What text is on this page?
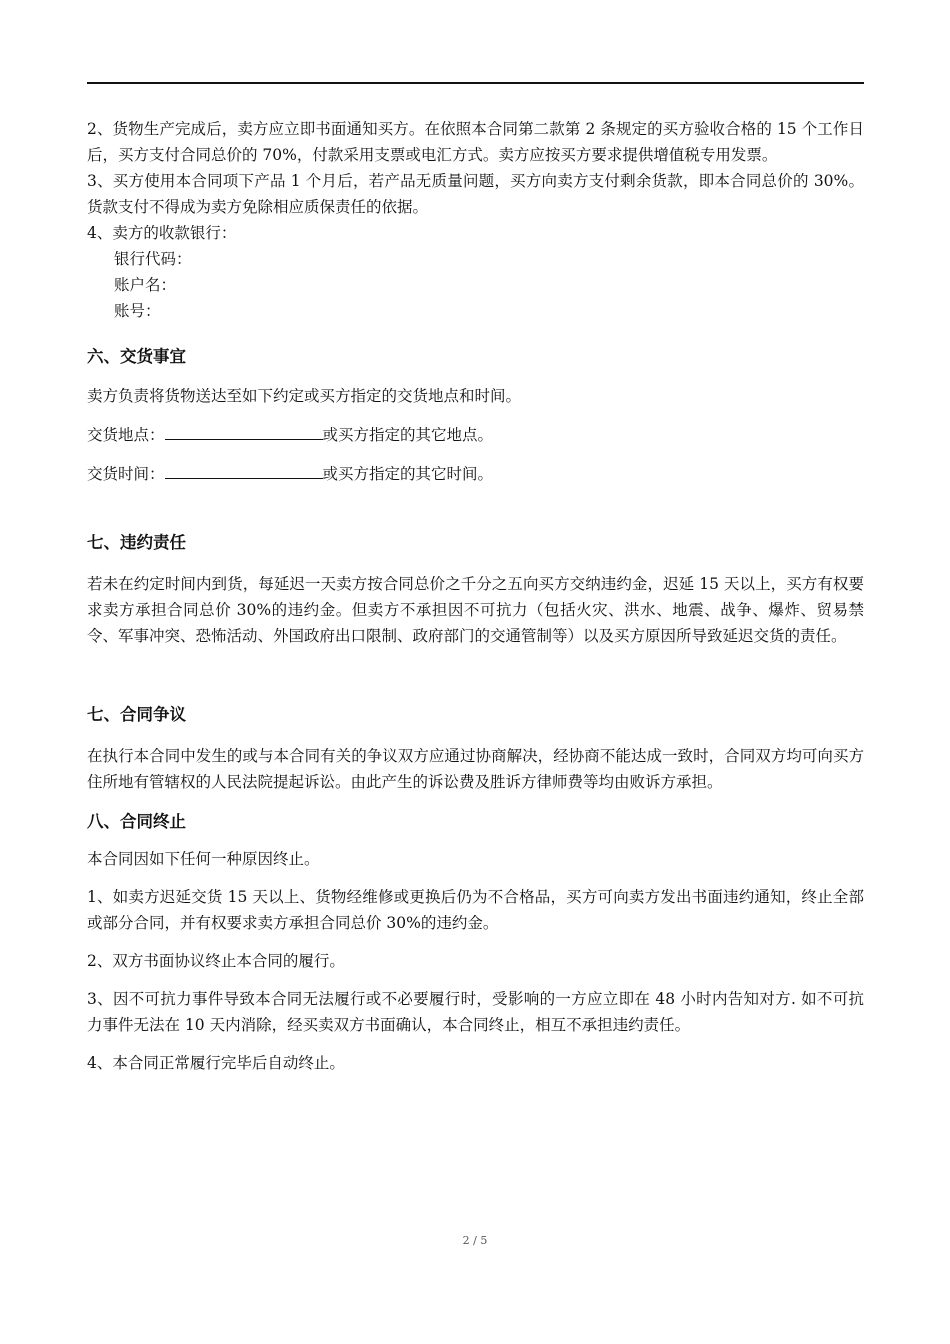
2、货物生产完成后，卖方应立即书面通知买方。在依照本合同第二款第 2 条规定的买方验收合格的 15 个工作日后，买方支付合同总价的 70%，付款采用支票或电汇方式。卖方应按买方要求提供增值税专用发票。

3、买方使用本合同项下产品 1 个月后，若产品无质量问题，买方向卖方支付剩余货款，即本合同总价的 30%。货款支付不得成为卖方免除相应质保责任的依据。

4、卖方的收款银行：

银行代码：

账户名：

账号：

六、交货事宜

卖方负责将货物送达至如下约定或买方指定的交货地点和时间。

交货地点：	或买方指定的其它地点。

交货时间：	或买方指定的其它时间。

七、违约责任

若未在约定时间内到货，每延迟一天卖方按合同总价之千分之五向买方交纳违约金，迟延 15 天以上，买方有权要求卖方承担合同总价 30%的违约金。但卖方不承担因不可抗力（包括火灾、洪水、地震、战争、爆炸、贸易禁令、军事冲突、恐怖活动、外国政府出口限制、政府部门的交通管制等）以及买方原因所导致延迟交货的责任。

七、合同争议

在执行本合同中发生的或与本合同有关的争议双方应通过协商解决，经协商不能达成一致时，合同双方均可向买方住所地有管辖权的人民法院提起诉讼。由此产生的诉讼费及胜诉方律师费等均由败诉方承担。

八、合同终止

本合同因如下任何一种原因终止。

1、如卖方迟延交货 15 天以上、货物经维修或更换后仍为不合格品，买方可向卖方发出书面违约通知，终止全部或部分合同，并有权要求卖方承担合同总价 30%的违约金。

2、双方书面协议终止本合同的履行。

3、因不可抗力事件导致本合同无法履行或不必要履行时，受影响的一方应立即在 48 小时内告知对方. 如不可抗力事件无法在 10 天内消除，经买卖双方书面确认，本合同终止，相互不承担违约责任。

4、本合同正常履行完毕后自动终止。

2 / 5
